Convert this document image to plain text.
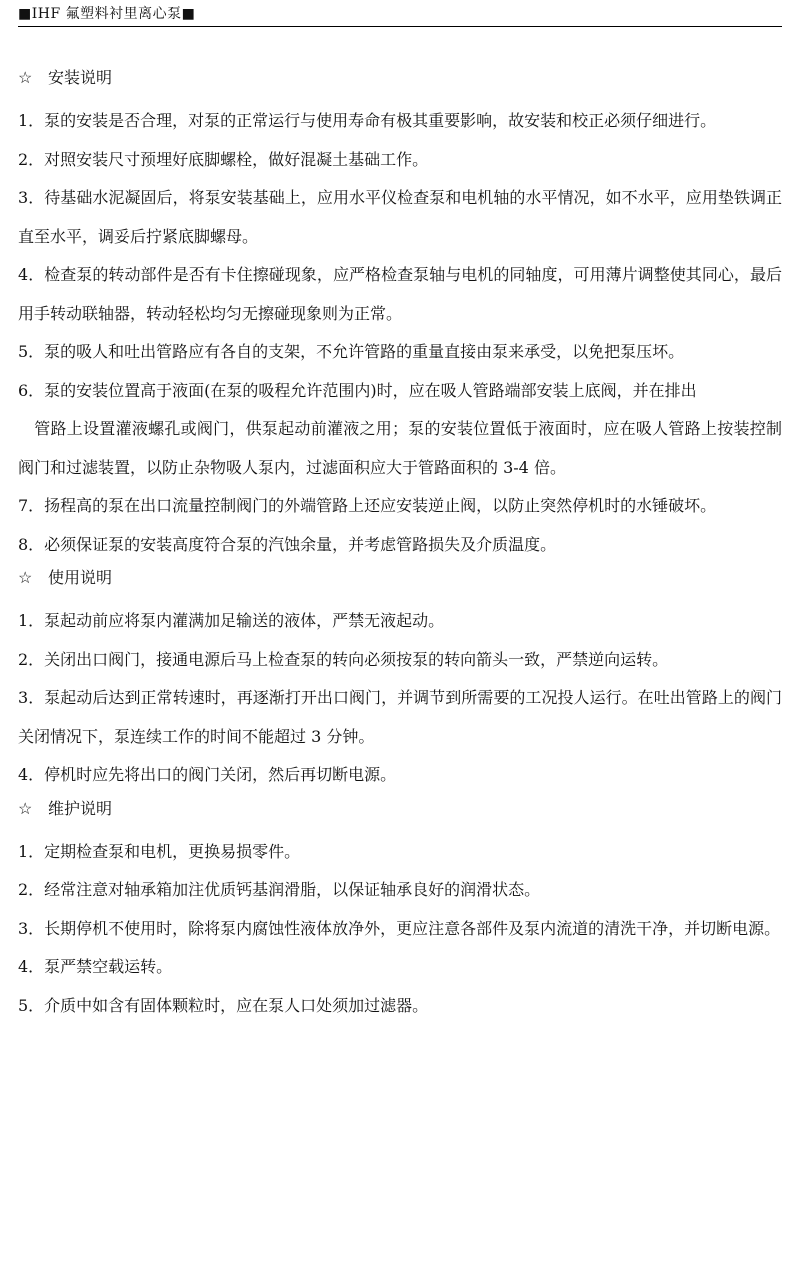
■IHF 氟塑料衬里离心泵■
☆ 安装说明

1．泵的安装是否合理，对泵的正常运行与使用寿命有极其重要影响，故安装和校正必须仔细进行。

2．对照安装尺寸预埋好底脚螺栓，做好混凝土基础工作。

3．待基础水泥凝固后，将泵安装基础上，应用水平仪检查泵和电机轴的水平情况，如不水平，应用垫铁调正直至水平，调妥后拧紧底脚螺母。

4．检查泵的转动部件是否有卡住擦碰现象，应严格检查泵轴与电机的同轴度，可用薄片调整使其同心，最后用手转动联轴器，转动轻松均匀无擦碰现象则为正常。

5．泵的吸人和吐出管路应有各自的支架，不允许管路的重量直接由泵来承受，以免把泵压坏。

6．泵的安装位置高于液面(在泵的吸程允许范围内)时，应在吸人管路端部安装上底阀，并在排出

　管路上设置灌液螺孔或阀门，供泵起动前灌液之用；泵的安装位置低于液面时，应在吸人管路上按装控制阀门和过滤装置，以防止杂物吸人泵内，过滤面积应大于管路面积的 3-4 倍。

7．扬程高的泵在出口流量控制阀门的外端管路上还应安装逆止阀，以防止突然停机时的水锤破坏。

8．必须保证泵的安装高度符合泵的汽蚀余量，并考虑管路损失及介质温度。

☆ 使用说明

1．泵起动前应将泵内灌满加足输送的液体，严禁无液起动。

2．关闭出口阀门，接通电源后马上检查泵的转向必须按泵的转向箭头一致，严禁逆向运转。

3．泵起动后达到正常转速时，再逐渐打开出口阀门，并调节到所需要的工况投人运行。在吐出管路上的阀门关闭情况下，泵连续工作的时间不能超过 3 分钟。

4．停机时应先将出口的阀门关闭，然后再切断电源。

☆ 维护说明

1．定期检查泵和电机，更换易损零件。

2．经常注意对轴承箱加注优质钙基润滑脂，以保证轴承良好的润滑状态。

3．长期停机不使用时，除将泵内腐蚀性液体放净外，更应注意各部件及泵内流道的清洗干净，并切断电源。

4．泵严禁空载运转。

5．介质中如含有固体颗粒时，应在泵人口处须加过滤器。
